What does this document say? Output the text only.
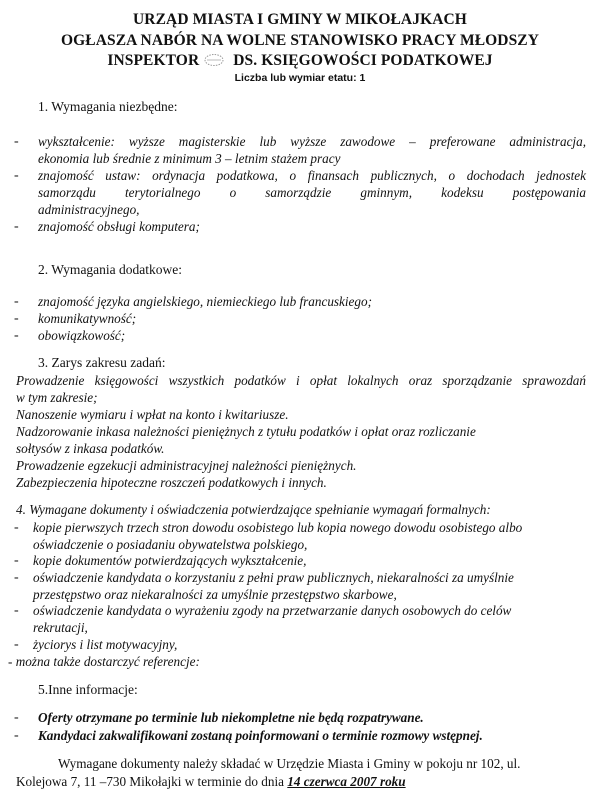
URZĄD MIASTA I GMINY W MIKOŁAJKACH

OGŁASZA NABÓR NA WOLNE STANOWISKO PRACY MŁODSZY

INSPEKTOR DS. KSIĘGOWOŚCI PODATKOWEJ

Liczba lub wymiar etatu: 1
1. Wymagania niezbędne:
- wykształcenie: wyższe magisterskie lub wyższe zawodowe – preferowane administracja,
ekonomia lub średnie z minimum 3 – letnim stażem pracy
- znajomość ustaw: ordynacja podatkowa, o finansach publicznych, o dochodach jednostek
samorządu terytorialnego o samorządzie gminnym, kodeksu postępowania
administracyjnego,
- znajomość obsługi komputera;
2. Wymagania dodatkowe:
- znajomość języka angielskiego, niemieckiego lub francuskiego;
- komunikatywność;
- obowiązkowość;
3. Zarys zakresu zadań:
Prowadzenie księgowości wszystkich podatków i opłat lokalnych oraz sporządzanie sprawozdań
w tym zakresie;
Nanoszenie wymiaru i wpłat na konto i kwitariusze.
Nadzorowanie inkasa należności pieniężnych z tytułu podatków i opłat oraz rozliczanie
sołtysów z inkasa podatków.
Prowadzenie egzekucji administracyjnej należności pieniężnych.
Zabezpieczenia hipoteczne roszczeń podatkowych i innych.
4. Wymagane dokumenty i oświadczenia potwierdzające spełnianie wymagań formalnych:
- kopie pierwszych trzech stron dowodu osobistego lub kopia nowego dowodu osobistego albo
oświadczenie o posiadaniu obywatelstwa polskiego,
- kopie dokumentów potwierdzających wykształcenie,
- oświadczenie kandydata o korzystaniu z pełni praw publicznych, niekaralności za umyślnie
przestępstwo oraz niekaralności za umyślnie przestępstwo skarbowe,
- oświadczenie kandydata o wyrażeniu zgody na przetwarzanie danych osobowych do celów
rekrutacji,
- życiorys i list motywacyjny,
- można także dostarczyć referencje:
5.Inne informacje:
- Oferty otrzymane po terminie lub niekompletne nie będą rozpatrywane.
- Kandydaci zakwalifikowani zostaną poinformowani o terminie rozmowy wstępnej.
Wymagane dokumenty należy składać w Urzędzie Miasta i Gminy w pokoju nr 102, ul.
Kolejowa 7, 11 –730 Mikołajki w terminie do dnia 14 czerwca 2007 roku
